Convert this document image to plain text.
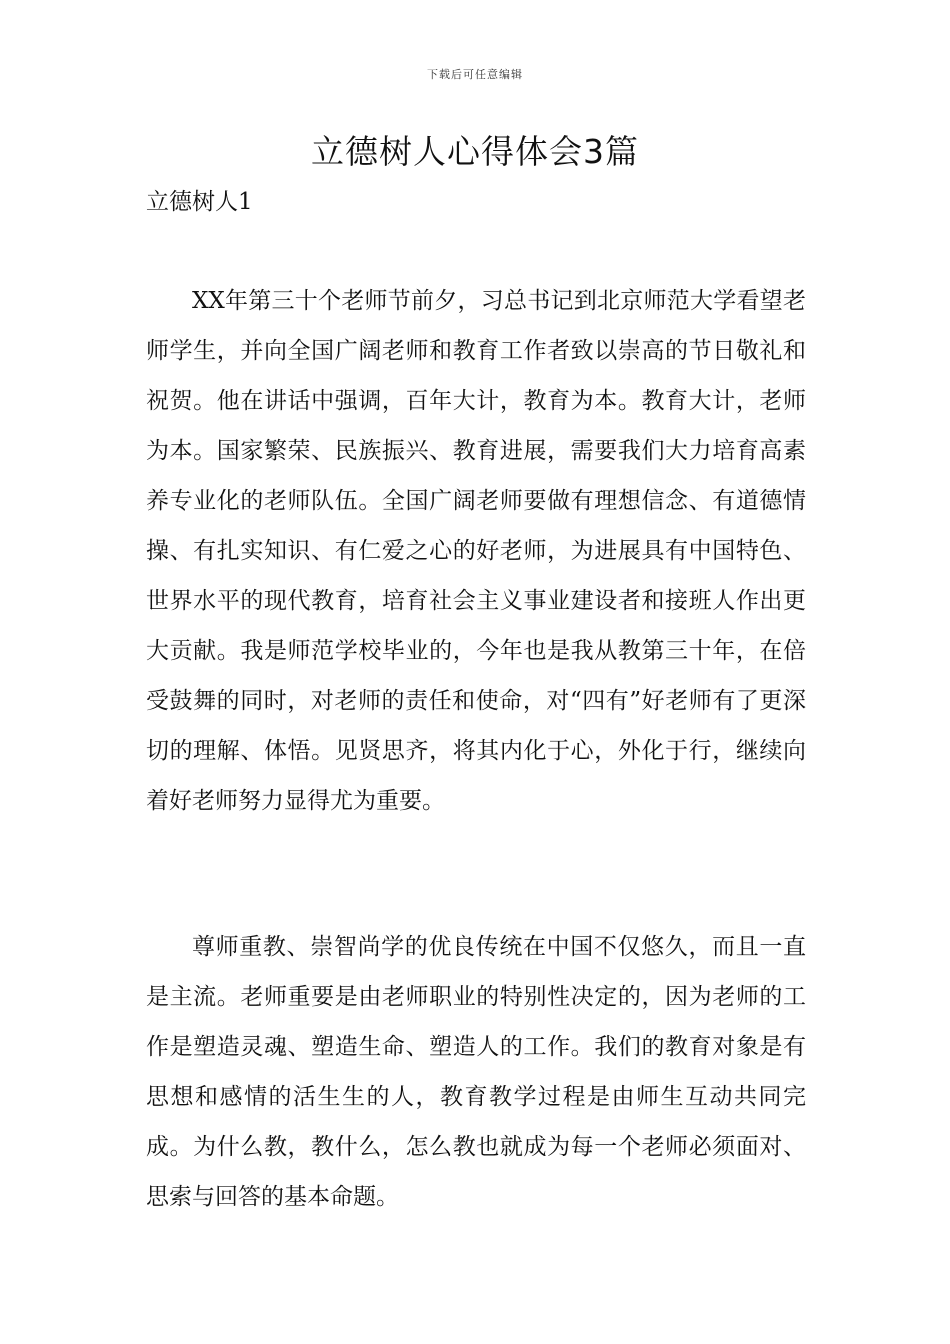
下载后可任意编辑
立德树人心得体会3篇
立德树人1

XX年第三十个老师节前夕，习总书记到北京师范大学看望老师学生，并向全国广阔老师和教育工作者致以崇高的节日敬礼和祝贺。他在讲话中强调，百年大计，教育为本。教育大计，老师为本。国家繁荣、民族振兴、教育进展，需要我们大力培育高素养专业化的老师队伍。全国广阔老师要做有理想信念、有道德情操、有扎实知识、有仁爱之心的好老师，为进展具有中国特色、世界水平的现代教育，培育社会主义事业建设者和接班人作出更大贡献。我是师范学校毕业的，今年也是我从教第三十年，在倍受鼓舞的同时，对老师的责任和使命，对“四有”好老师有了更深切的理解、体悟。见贤思齐，将其内化于心，外化于行，继续向着好老师努力显得尤为重要。

尊师重教、崇智尚学的优良传统在中国不仅悠久，而且一直是主流。老师重要是由老师职业的特别性决定的，因为老师的工作是塑造灵魂、塑造生命、塑造人的工作。我们的教育对象是有思想和感情的活生生的人，教育教学过程是由师生互动共同完成。为什么教，教什么，怎么教也就成为每一个老师必须面对、思索与回答的基本命题。
